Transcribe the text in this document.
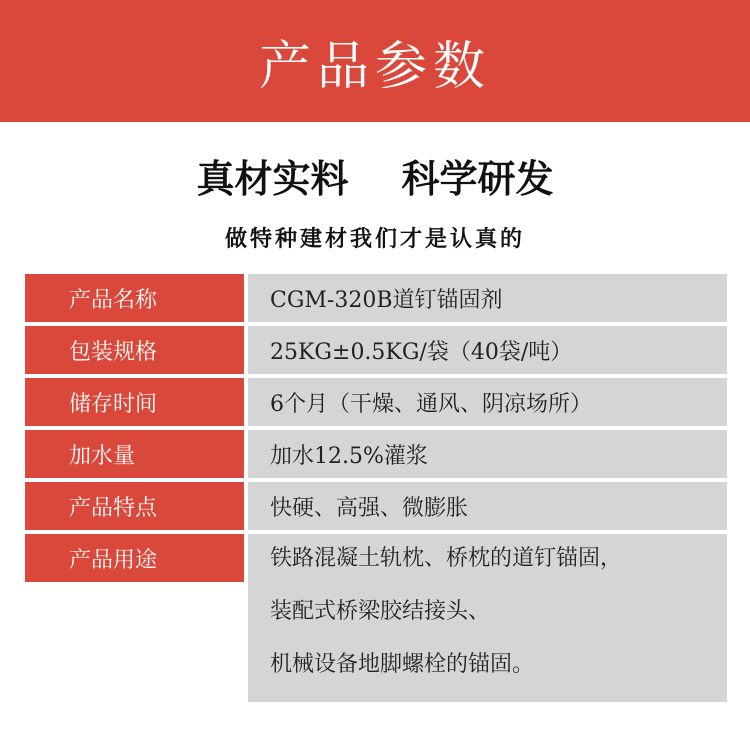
产品参数
真材实料    科学研发
做特种建材我们才是认真的
产品名称	CGM-320B道钉锚固剂
包装规格	25KG±0.5KG/袋（40袋/吨）
储存时间	6个月（干燥、通风、阴凉场所）
加水量	加水12.5%灌浆
产品特点	快硬、高强、微膨胀
产品用途	铁路混凝土轨枕、桥枕的道钉锚固，
装配式桥梁胶结接头、
机械设备地脚螺栓的锚固。
